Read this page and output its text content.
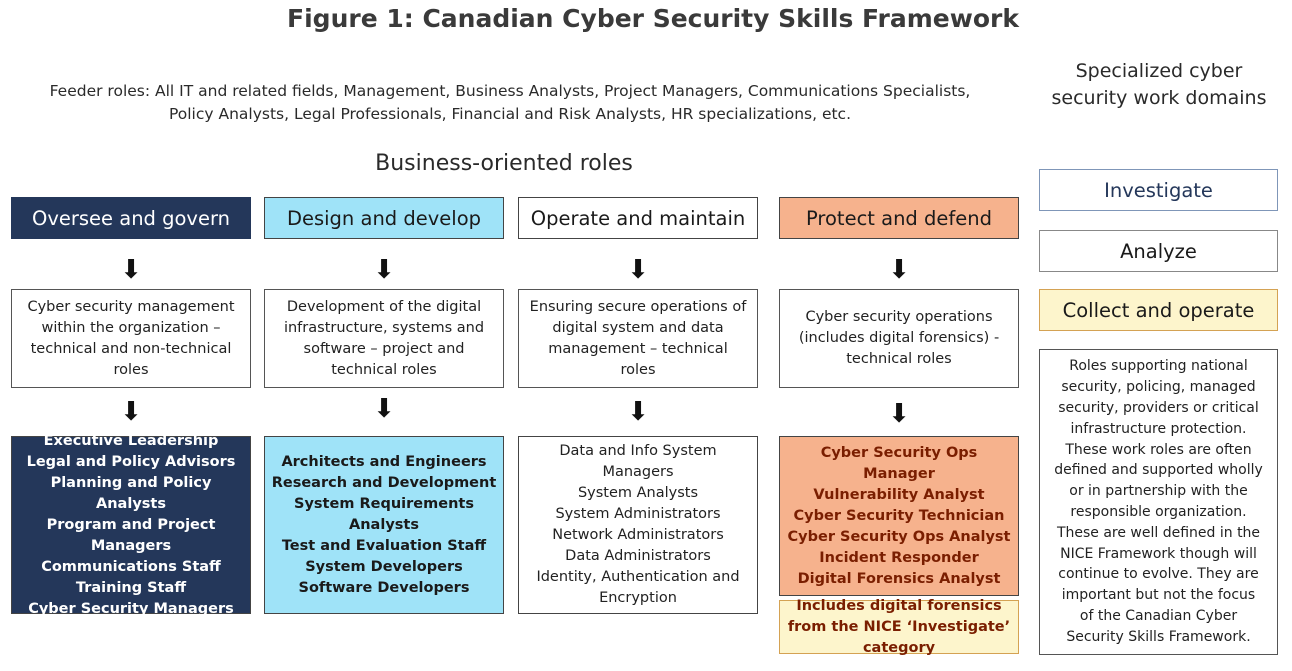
Figure 1: Canadian Cyber Security Skills Framework
Feeder roles: All IT and related fields, Management, Business Analysts, Project Managers, Communications Specialists, Policy Analysts, Legal Professionals, Financial and Risk Analysts, HR specializations, etc.
Specialized cyber security work domains
Business-oriented roles
Oversee and govern
⬇
Cyber security management within the organization – technical and non-technical roles
⬇
Executive Leadership
Legal and Policy Advisors
Planning and Policy Analysts
Program and Project Managers
Communications Staff
Training Staff
Cyber Security Managers
Design and develop
⬇
Development of the digital infrastructure, systems and software – project and technical roles
⬇
Architects and Engineers
Research and Development
System Requirements Analysts
Test and Evaluation Staff
System Developers
Software Developers
Operate and maintain
⬇
Ensuring secure operations of digital system and data management – technical roles
⬇
Data and Info System Managers
System Analysts
System Administrators
Network Administrators
Data Administrators
Identity, Authentication and Encryption
Protect and defend
⬇
Cyber security operations (includes digital forensics) - technical roles
⬇
Cyber Security Ops Manager
Vulnerability Analyst
Cyber Security Technician
Cyber Security Ops Analyst
Incident Responder
Digital Forensics Analyst
Includes digital forensics from the NICE ‘Investigate’ category
Investigate
Analyze
Collect and operate
Roles supporting national security, policing, managed security, providers or critical infrastructure protection. These work roles are often defined and supported wholly or in partnership with the responsible organization. These are well defined in the NICE Framework though will continue to evolve. They are important but not the focus of the Canadian Cyber Security Skills Framework.
